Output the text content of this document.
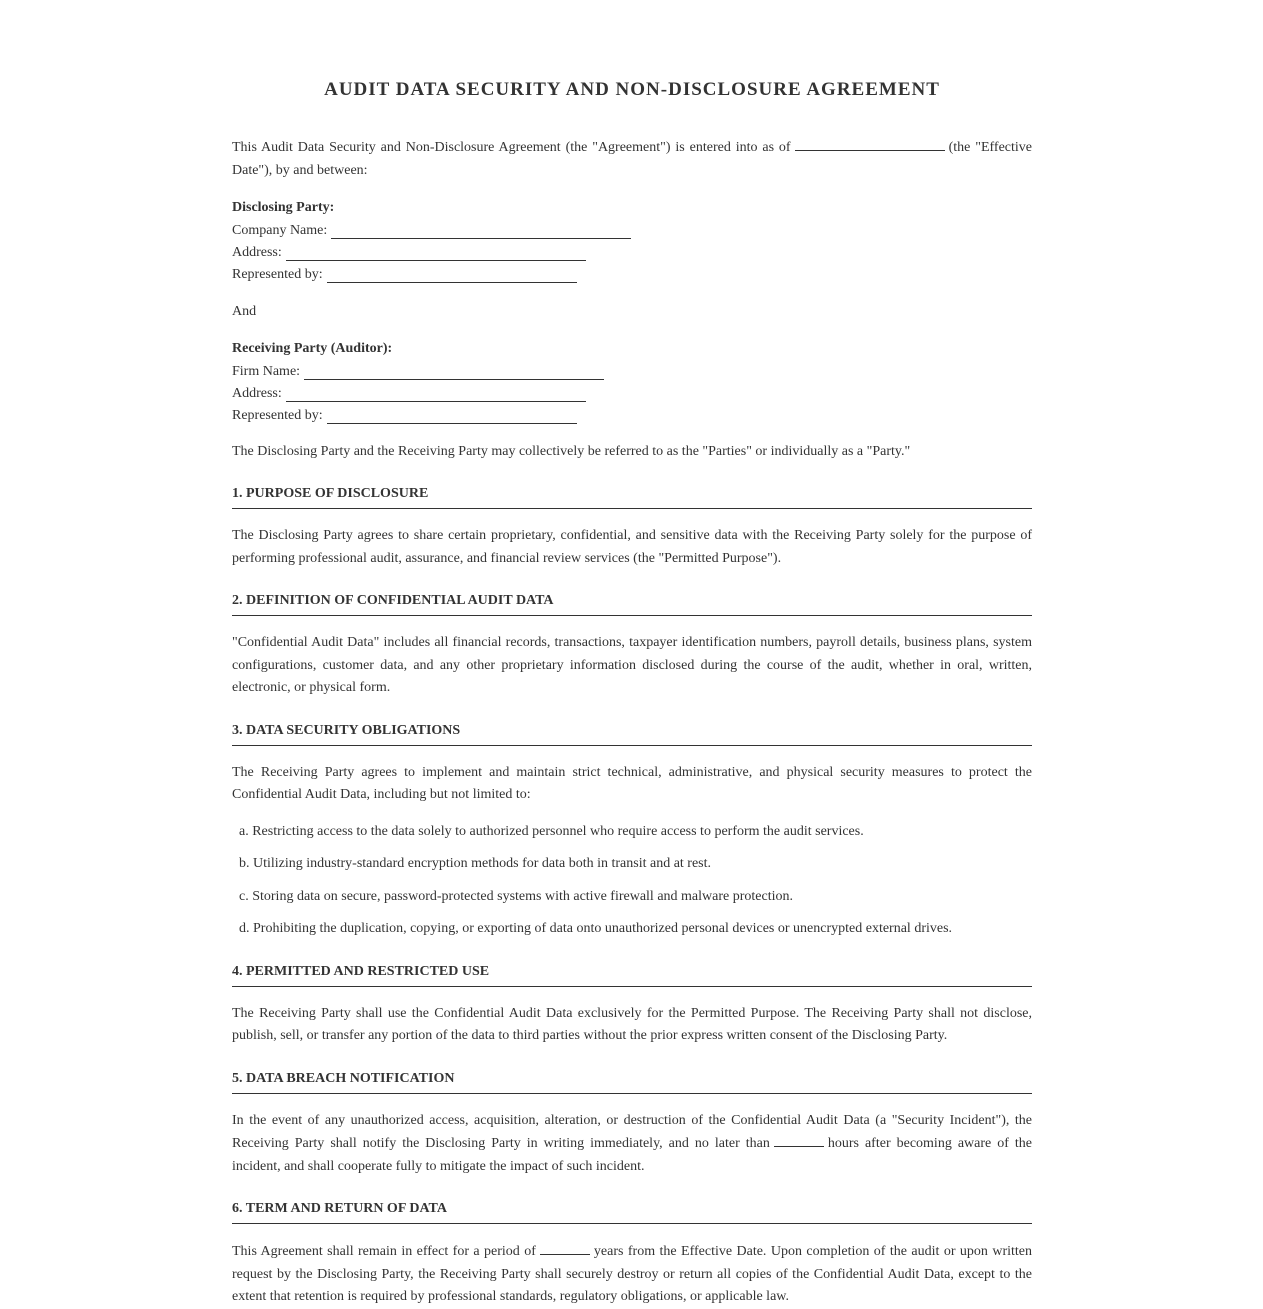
AUDIT DATA SECURITY AND NON-DISCLOSURE AGREEMENT

This Audit Data Security and Non-Disclosure Agreement (the "Agreement") is entered into as of	(the "Effective Date"), by and between:

Disclosing Party:
Company Name:
Address:
Represented by:
And
Receiving Party (Auditor):
Firm Name:
Address:
Represented by:

The Disclosing Party and the Receiving Party may collectively be referred to as the "Parties" or individually as a "Party."

1. PURPOSE OF DISCLOSURE

The Disclosing Party agrees to share certain proprietary, confidential, and sensitive data with the Receiving Party solely for the purpose of performing professional audit, assurance, and financial review services (the "Permitted Purpose").

2. DEFINITION OF CONFIDENTIAL AUDIT DATA

"Confidential Audit Data" includes all financial records, transactions, taxpayer identification numbers, payroll details, business plans, system configurations, customer data, and any other proprietary information disclosed during the course of the audit, whether in oral, written, electronic, or physical form.

3. DATA SECURITY OBLIGATIONS

The Receiving Party agrees to implement and maintain strict technical, administrative, and physical security measures to protect the Confidential Audit Data, including but not limited to:

a. Restricting access to the data solely to authorized personnel who require access to perform the audit services.
b. Utilizing industry-standard encryption methods for data both in transit and at rest.
c. Storing data on secure, password-protected systems with active firewall and malware protection.
d. Prohibiting the duplication, copying, or exporting of data onto unauthorized personal devices or unencrypted external drives.
4. PERMITTED AND RESTRICTED USE

The Receiving Party shall use the Confidential Audit Data exclusively for the Permitted Purpose. The Receiving Party shall not disclose, publish, sell, or transfer any portion of the data to third parties without the prior express written consent of the Disclosing Party.

5. DATA BREACH NOTIFICATION

In the event of any unauthorized access, acquisition, alteration, or destruction of the Confidential Audit Data (a "Security Incident"), the Receiving Party shall notify the Disclosing Party in writing immediately, and no later than	hours after becoming aware of the incident, and shall cooperate fully to mitigate the impact of such incident.

6. TERM AND RETURN OF DATA

This Agreement shall remain in effect for a period of	years from the Effective Date. Upon completion of the audit or upon written request by the Disclosing Party, the Receiving Party shall securely destroy or return all copies of the Confidential Audit Data, except to the extent that retention is required by professional standards, regulatory obligations, or applicable law.
